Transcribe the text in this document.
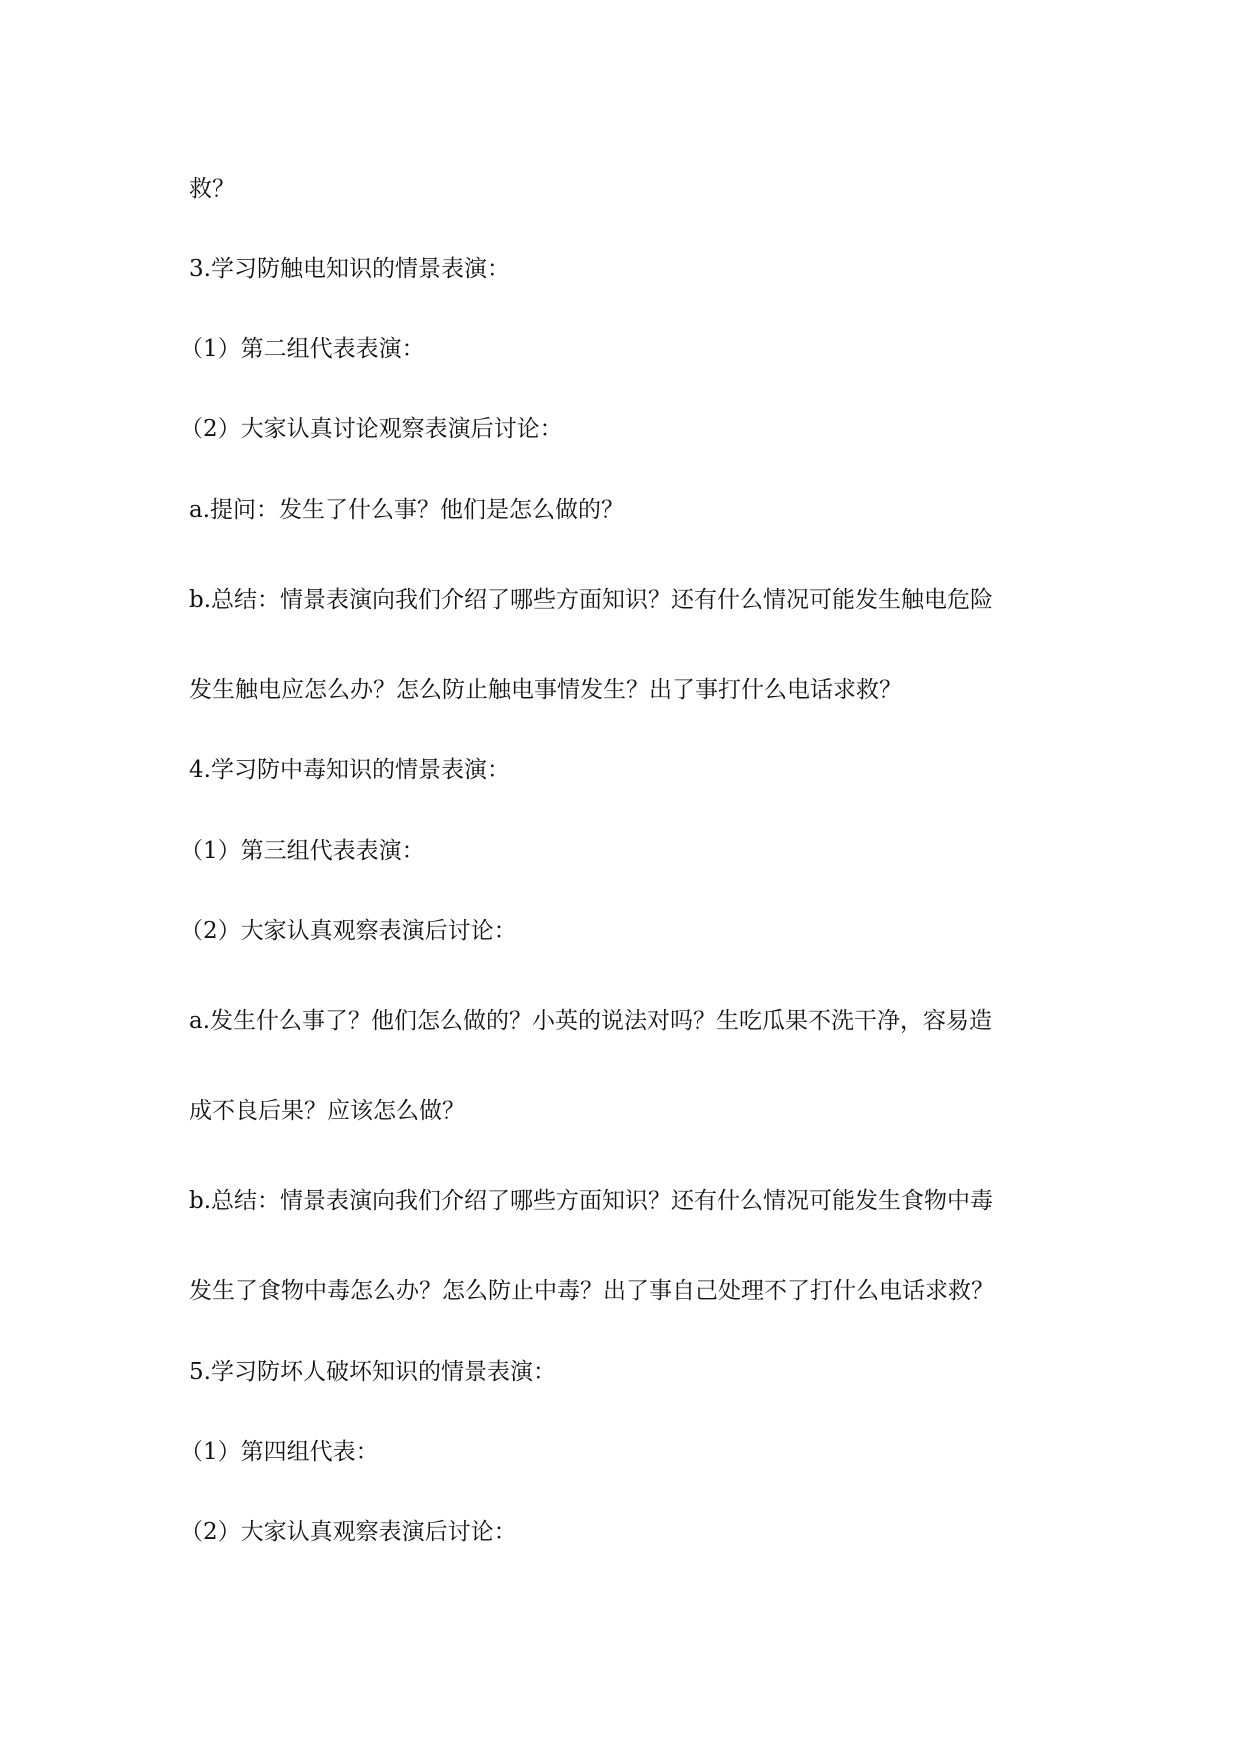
救？
3.学习防触电知识的情景表演：
（1）第二组代表表演：
（2）大家认真讨论观察表演后讨论：
a.提问：发生了什么事？他们是怎么做的？
b.总结：情景表演向我们介绍了哪些方面知识？还有什么情况可能发生触电危险
发生触电应怎么办？怎么防止触电事情发生？出了事打什么电话求救？
4.学习防中毒知识的情景表演：
（1）第三组代表表演：
（2）大家认真观察表演后讨论：
a.发生什么事了？他们怎么做的？小英的说法对吗？生吃瓜果不洗干净，容易造
成不良后果？应该怎么做？
b.总结：情景表演向我们介绍了哪些方面知识？还有什么情况可能发生食物中毒
发生了食物中毒怎么办？怎么防止中毒？出了事自己处理不了打什么电话求救？
5.学习防坏人破坏知识的情景表演：
（1）第四组代表：
（2）大家认真观察表演后讨论：
